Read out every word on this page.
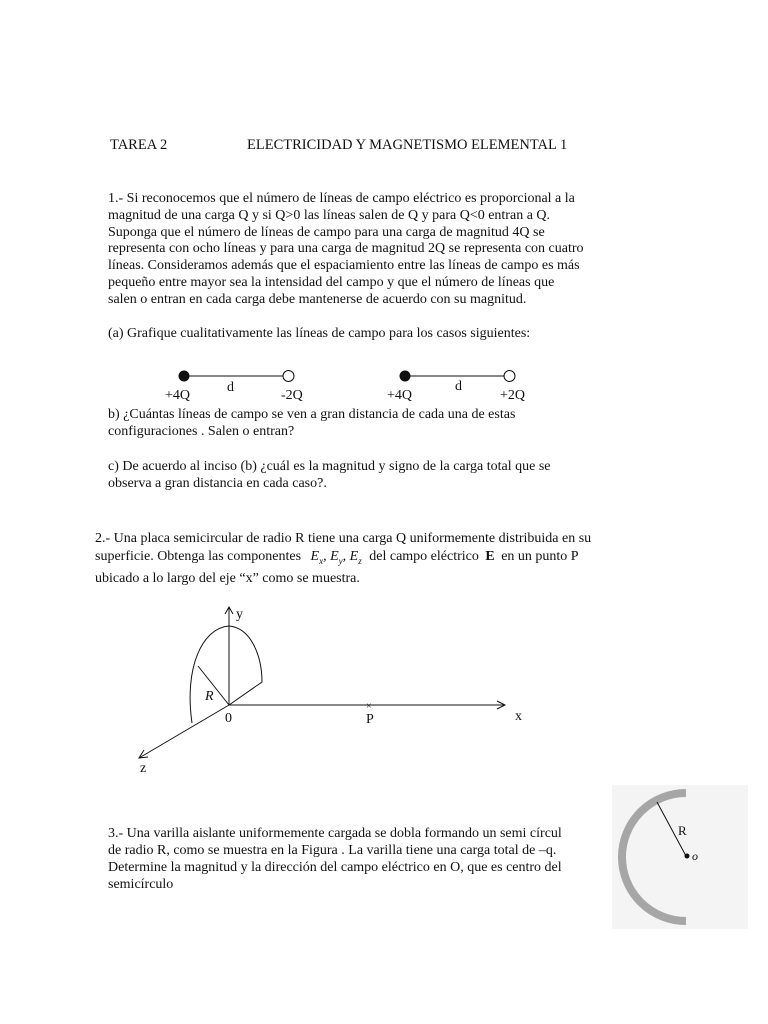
TAREA 2	ELECTRICIDAD Y MAGNETISMO ELEMENTAL 1
1.- Si reconocemos que el número de líneas de campo eléctrico es proporcional a la
magnitud de una carga Q y si Q>0 las líneas salen de Q y para Q<0 entran a Q.
Suponga que el número de líneas de campo para una carga de magnitud 4Q se
representa con ocho líneas y para una carga de magnitud 2Q se representa con cuatro
líneas. Consideramos además que el espaciamiento entre las líneas de campo es más
pequeño entre mayor sea la intensidad del campo y que el número de líneas que
salen o entran en cada carga debe mantenerse de acuerdo con su magnitud.
(a) Grafique cualitativamente las líneas de campo para los casos siguientes:
+4Q
d
-2Q	+4Q
d
+2Q
b) ¿Cuántas líneas de campo se ven a gran distancia de cada una de estas
configuraciones . Salen o entran?
c) De acuerdo al inciso (b) ¿cuál es la magnitud y signo de la carga total que se
observa a gran distancia en cada caso?.
2.- Una placa semicircular de radio R tiene una carga Q uniformemente distribuida en su
superficie. Obtenga las componentes $E_x$, $E_y$, $E_z$ del campo eléctrico E en un punto P
ubicado a lo largo del eje “x” como se muestra.
y
x
z
R
0
×
P
3.- Una varilla aislante uniformemente cargada se dobla formando un semi círcul
de radio R, como se muestra en la Figura . La varilla tiene una carga total de –q.
Determine la magnitud y la dirección del campo eléctrico en O, que es centro del
semicírculo
R
o
